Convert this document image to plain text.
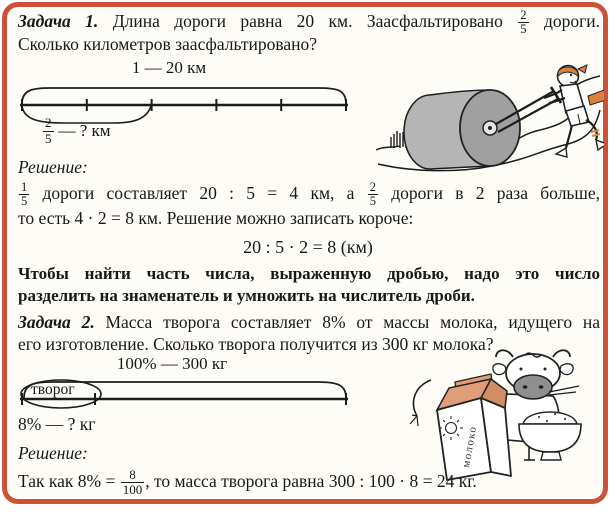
Задача 1. Длина дороги равна 20 км. Заасфальтировано $\frac{2}{5}$ дороги.
Сколько километров заасфальтировано?
1 — 20 км
$\frac{2}{5}$ — ? км
Решение:
$\frac{1}{5}$ дороги составляет 20 : 5 = 4 км, а $\frac{2}{5}$ дороги в 2 раза больше,
то есть 4 · 2 = 8 км. Решение можно записать короче:
20 : 5 · 2 = 8 (км)
Чтобы найти часть числа, выраженную дробью, надо это число
разделить на знаменатель и умножить на числитель дроби.
Задача 2. Масса творога составляет 8% от массы молока, идущего на
его изготовление. Сколько творога получится из 300 кг молока?
100% — 300 кг
творог
8% — ? кг
молоко
Решение:
Так как $8\% = \frac{8}{100}$ , то масса творога равна 300 : 100 · 8 = 24 кг.
